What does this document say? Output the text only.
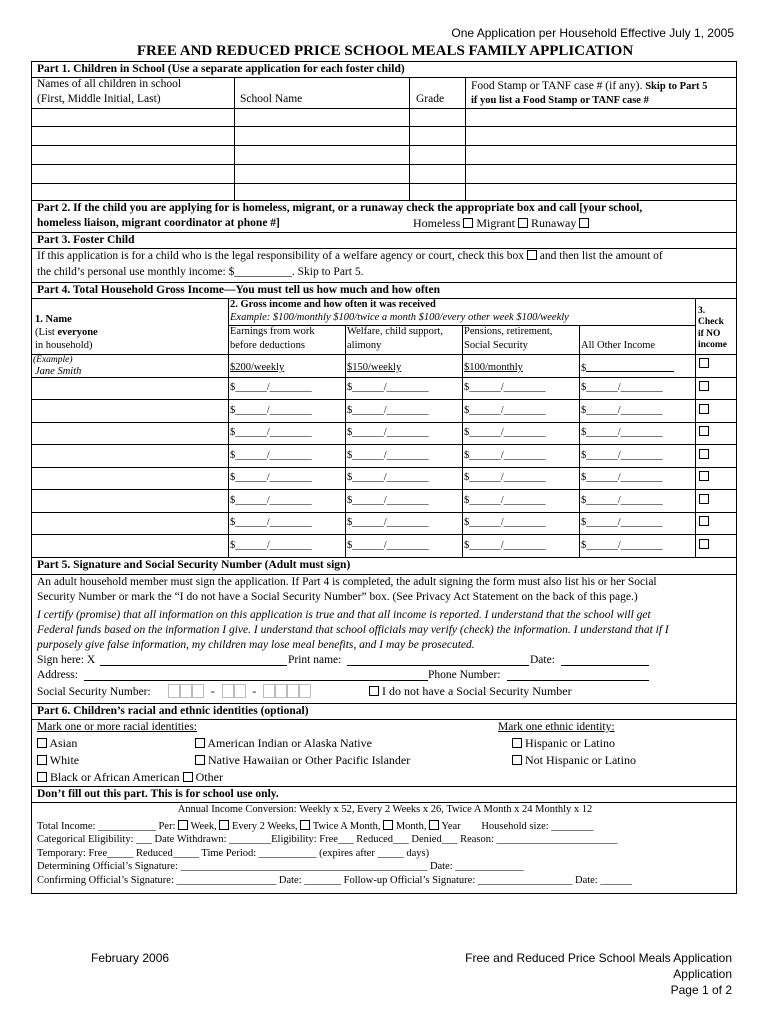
One Application per Household Effective July 1, 2005
FREE AND REDUCED PRICE SCHOOL MEALS FAMILY APPLICATION
Part 1. Children in School (Use a separate application for each foster child)
Names of all children in school
(First, Middle Initial, Last)	School Name	Grade
Food Stamp or TANF case # (if any). Skip to Part 5
if you list a Food Stamp or TANF case #
Part 2. If the child you are applying for is homeless, migrant, or a runaway check the appropriate box and call [your school,
homeless liaison, migrant coordinator at phone #]	Homeless Migrant Runaway
Part 3. Foster Child
If this application is for a child who is the legal responsibility of a welfare agency or court, check this box and then list the amount of
the child’s personal use monthly income: $__________. Skip to Part 5.
Part 4. Total Household Gross Income—You must tell us how much and how often
1. Name
(List everyone
in household)
2. Gross income and how often it was received
Example: $100/monthly $100/twice a month $100/every other week $100/weekly
Earnings from work
before deductions
Welfare, child support,
alimony
Pensions, retirement,
Social Security	All Other Income
3.
Check
if NO
income
(Example)
Jane Smith	$200/weekly	$150/weekly	$100/monthly	$
$______/________	$______/________	$______/________	$______/________
$______/________	$______/________	$______/________	$______/________
$______/________	$______/________	$______/________	$______/________
$______/________	$______/________	$______/________	$______/________
$______/________	$______/________	$______/________	$______/________
$______/________	$______/________	$______/________	$______/________
$______/________	$______/________	$______/________	$______/________
$______/________	$______/________	$______/________	$______/________
Part 5. Signature and Social Security Number (Adult must sign)
An adult household member must sign the application. If Part 4 is completed, the adult signing the form must also list his or her Social
Security Number or mark the “I do not have a Social Security Number” box. (See Privacy Act Statement on the back of this page.)
I certify (promise) that all information on this application is true and that all income is reported. I understand that the school will get
Federal funds based on the information I give. I understand that school officials may verify (check) the information. I understand that if I
purposely give false information, my children may lose meal benefits, and I may be prosecuted.
Sign here: X	Print name:	Date:
Address:	Phone Number:
Social Security Number:	-	-	I do not have a Social Security Number
Part 6. Children’s racial and ethnic identities (optional)
Mark one or more racial identities:	Mark one ethnic identity:
Asian	American Indian or Alaska Native	Hispanic or Latino
White	Native Hawaiian or Other Pacific Islander	Not Hispanic or Latino
Black or African American Other
Don’t fill out this part. This is for school use only.
Annual Income Conversion: Weekly x 52, Every 2 Weeks x 26, Twice A Month x 24 Monthly x 12
Total Income: ___________ Per: Week, Every 2 Weeks, Twice A Month, Month, Year Household size: ________
Categorical Eligibility: ___ Date Withdrawn: ________Eligibility: Free___ Reduced___ Denied___ Reason: _______________________
Temporary: Free_____ Reduced_____ Time Period: ___________ (expires after _____ days)
Determining Official’s Signature: _______________________________________________ Date: _____________
Confirming Official’s Signature: ___________________ Date: _______ Follow-up Official’s Signature: __________________ Date: ______
February 2006	Free and Reduced Price School Meals Application
Application
Page 1 of 2
